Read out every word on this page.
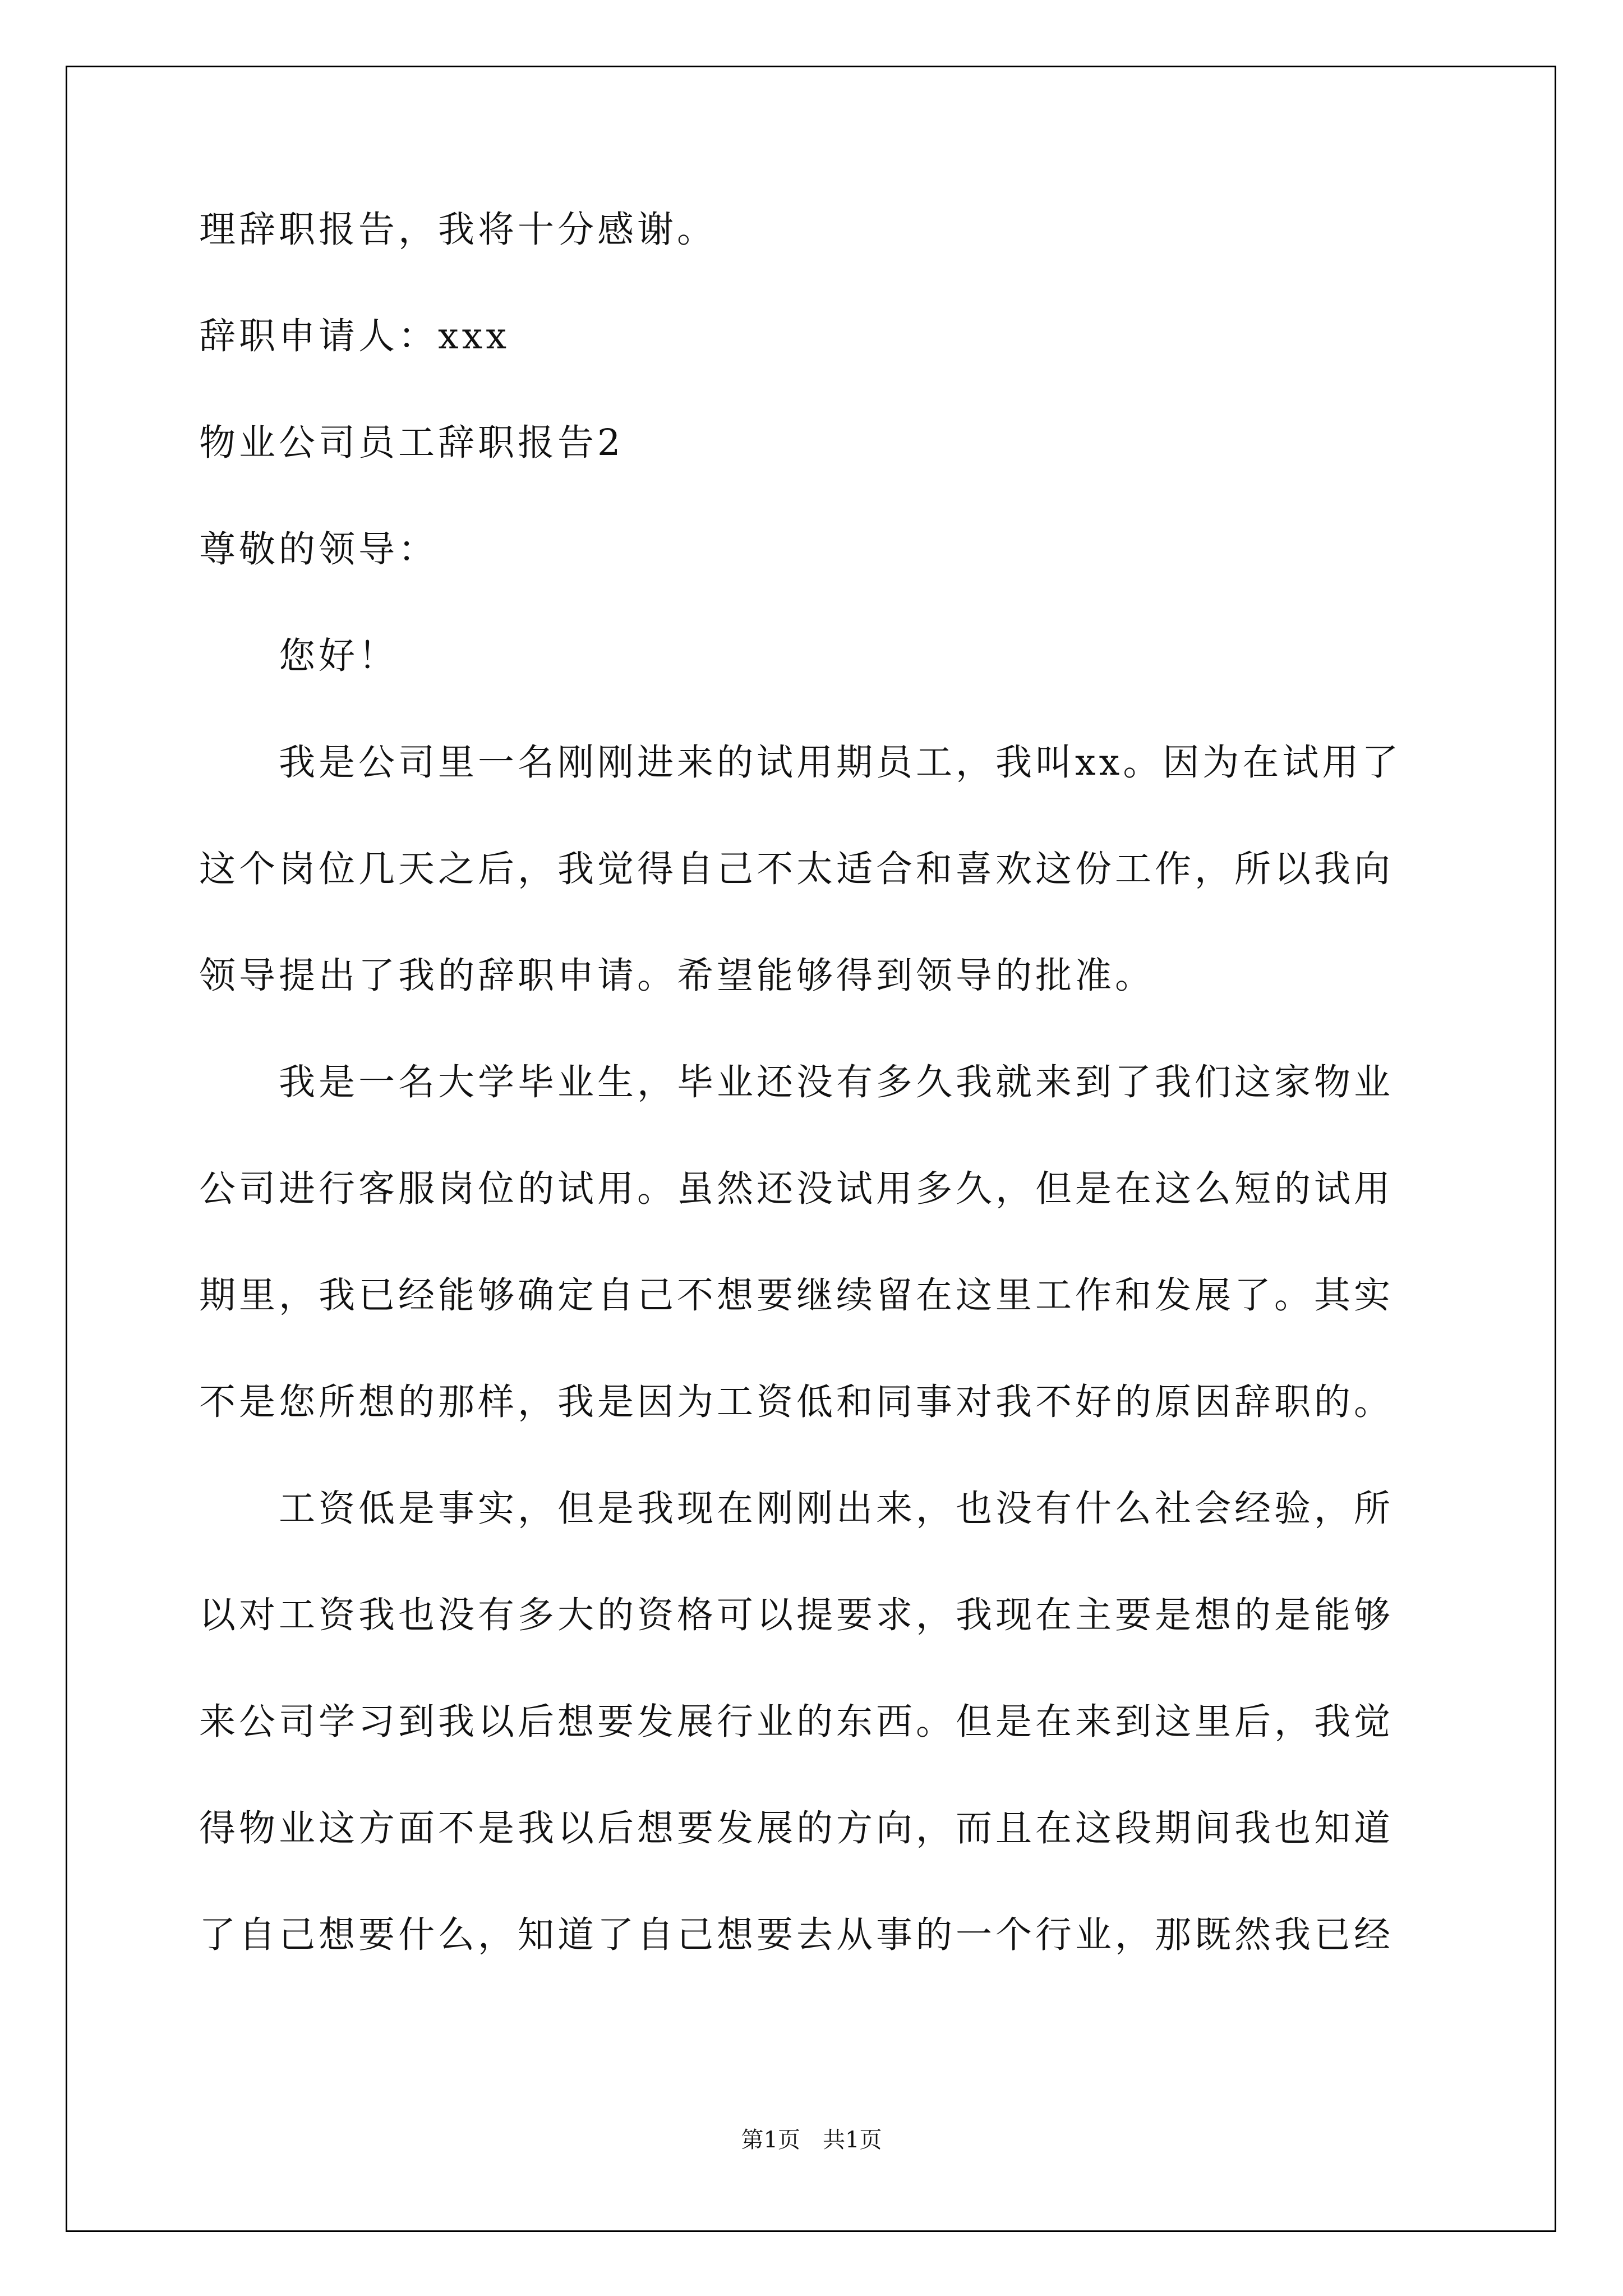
理辞职报告，我将十分感谢。

辞职申请人：xxx

物业公司员工辞职报告2

尊敬的领导：

您好！

我是公司里一名刚刚进来的试用期员工，我叫xx。因为在试用了

这个岗位几天之后，我觉得自己不太适合和喜欢这份工作，所以我向

领导提出了我的辞职申请。希望能够得到领导的批准。

我是一名大学毕业生，毕业还没有多久我就来到了我们这家物业

公司进行客服岗位的试用。虽然还没试用多久，但是在这么短的试用

期里，我已经能够确定自己不想要继续留在这里工作和发展了。其实

不是您所想的那样，我是因为工资低和同事对我不好的原因辞职的。

工资低是事实，但是我现在刚刚出来，也没有什么社会经验，所

以对工资我也没有多大的资格可以提要求，我现在主要是想的是能够

来公司学习到我以后想要发展行业的东西。但是在来到这里后，我觉

得物业这方面不是我以后想要发展的方向，而且在这段期间我也知道

了自己想要什么，知道了自己想要去从事的一个行业，那既然我已经

第1页　共1页
